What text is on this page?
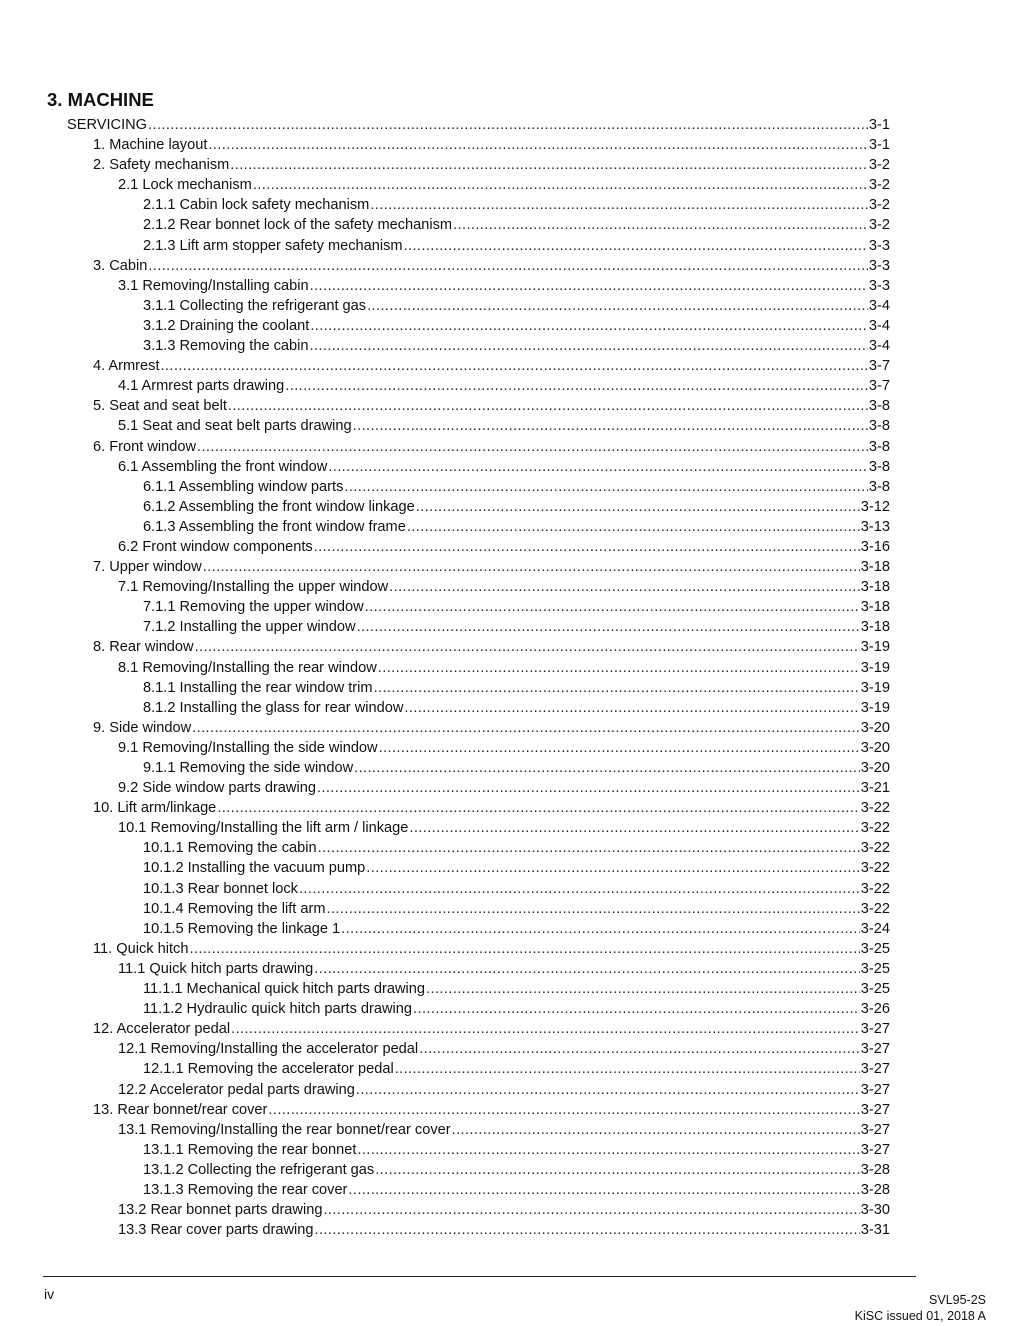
3. MACHINE
SERVICING .....	3-1
1. Machine layout .....	3-1
2. Safety mechanism .....	3-2
2.1 Lock mechanism .....	3-2
2.1.1 Cabin lock safety mechanism .....	3-2
2.1.2 Rear bonnet lock of the safety mechanism .....	3-2
2.1.3 Lift arm stopper safety mechanism .....	3-3
3. Cabin .....	3-3
3.1 Removing/Installing cabin .....	3-3
3.1.1 Collecting the refrigerant gas .....	3-4
3.1.2 Draining the coolant .....	3-4
3.1.3 Removing the cabin .....	3-4
4. Armrest .....	3-7
4.1 Armrest parts drawing .....	3-7
5. Seat and seat belt .....	3-8
5.1 Seat and seat belt parts drawing .....	3-8
6. Front window .....	3-8
6.1 Assembling the front window .....	3-8
6.1.1 Assembling window parts .....	3-8
6.1.2 Assembling the front window linkage .....	3-12
6.1.3 Assembling the front window frame .....	3-13
6.2 Front window components .....	3-16
7. Upper window .....	3-18
7.1 Removing/Installing the upper window .....	3-18
7.1.1 Removing the upper window .....	3-18
7.1.2 Installing the upper window .....	3-18
8. Rear window .....	3-19
8.1 Removing/Installing the rear window .....	3-19
8.1.1 Installing the rear window trim .....	3-19
8.1.2 Installing the glass for rear window .....	3-19
9. Side window .....	3-20
9.1 Removing/Installing the side window .....	3-20
9.1.1 Removing the side window .....	3-20
9.2 Side window parts drawing .....	3-21
10. Lift arm/linkage .....	3-22
10.1 Removing/Installing the lift arm / linkage .....	3-22
10.1.1 Removing the cabin .....	3-22
10.1.2 Installing the vacuum pump .....	3-22
10.1.3 Rear bonnet lock .....	3-22
10.1.4 Removing the lift arm .....	3-22
10.1.5 Removing the linkage 1 .....	3-24
11. Quick hitch .....	3-25
11.1 Quick hitch parts drawing .....	3-25
11.1.1 Mechanical quick hitch parts drawing .....	3-25
11.1.2 Hydraulic quick hitch parts drawing .....	3-26
12. Accelerator pedal .....	3-27
12.1 Removing/Installing the accelerator pedal .....	3-27
12.1.1 Removing the accelerator pedal .....	3-27
12.2 Accelerator pedal parts drawing .....	3-27
13. Rear bonnet/rear cover .....	3-27
13.1 Removing/Installing the rear bonnet/rear cover .....	3-27
13.1.1 Removing the rear bonnet .....	3-27
13.1.2 Collecting the refrigerant gas .....	3-28
13.1.3 Removing the rear cover .....	3-28
13.2 Rear bonnet parts drawing .....	3-30
13.3 Rear cover parts drawing .....	3-31
iv	SVL95-2S
KiSC issued 01, 2018 A
